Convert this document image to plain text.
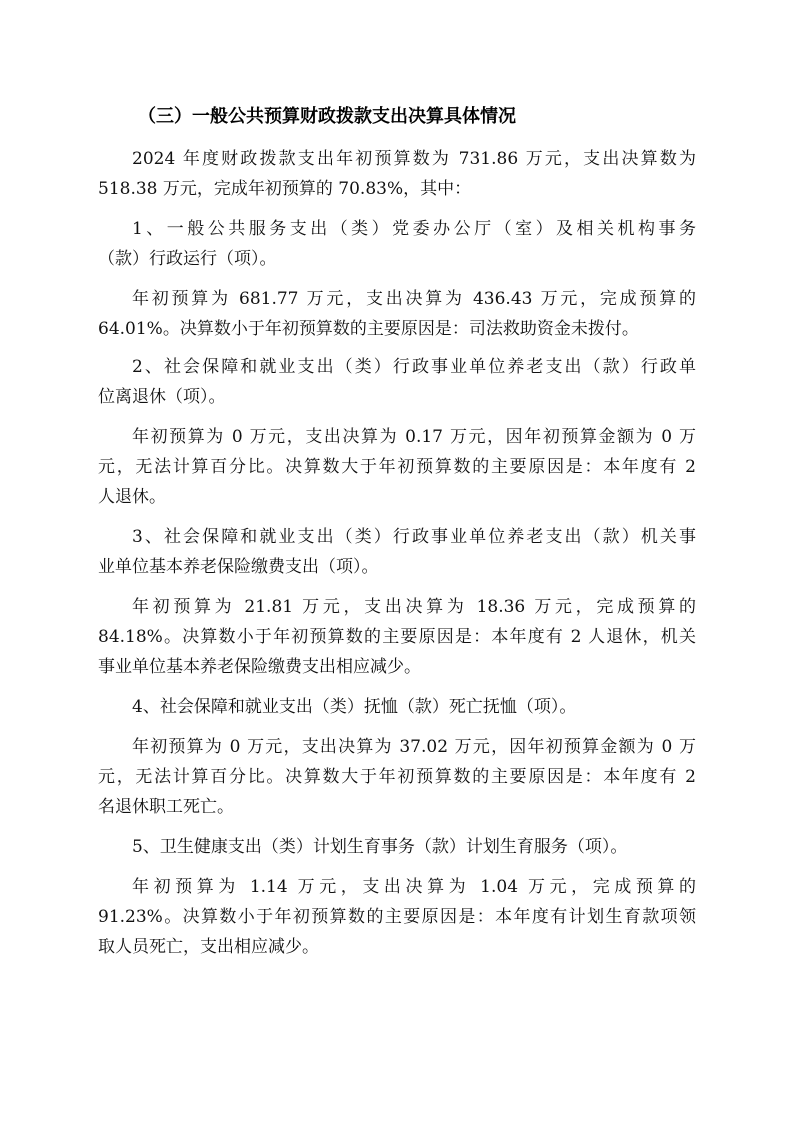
（三）一般公共预算财政拨款支出决算具体情况
2024 年度财政拨款支出年初预算数为 731.86 万元，支出决算数为
518.38 万元，完成年初预算的 70.83%，其中：
1、一般公共服务支出（类）党委办公厅（室）及相关机构事务
（款）行政运行（项）。
年初预算为 681.77 万元，支出决算为 436.43 万元，完成预算的
64.01%。决算数小于年初预算数的主要原因是：司法救助资金未拨付。
2、社会保障和就业支出（类）行政事业单位养老支出（款）行政单
位离退休（项）。
年初预算为 0 万元，支出决算为 0.17 万元，因年初预算金额为 0 万
元，无法计算百分比。决算数大于年初预算数的主要原因是：本年度有 2
人退休。
3、社会保障和就业支出（类）行政事业单位养老支出（款）机关事
业单位基本养老保险缴费支出（项）。
年初预算为 21.81 万元，支出决算为 18.36 万元，完成预算的
84.18%。决算数小于年初预算数的主要原因是：本年度有 2 人退休，机关
事业单位基本养老保险缴费支出相应减少。
4、社会保障和就业支出（类）抚恤（款）死亡抚恤（项）。
年初预算为 0 万元，支出决算为 37.02 万元，因年初预算金额为 0 万
元，无法计算百分比。决算数大于年初预算数的主要原因是：本年度有 2
名退休职工死亡。
5、卫生健康支出（类）计划生育事务（款）计划生育服务（项）。
年初预算为 1.14 万元，支出决算为 1.04 万元，完成预算的
91.23%。决算数小于年初预算数的主要原因是：本年度有计划生育款项领
取人员死亡，支出相应减少。
